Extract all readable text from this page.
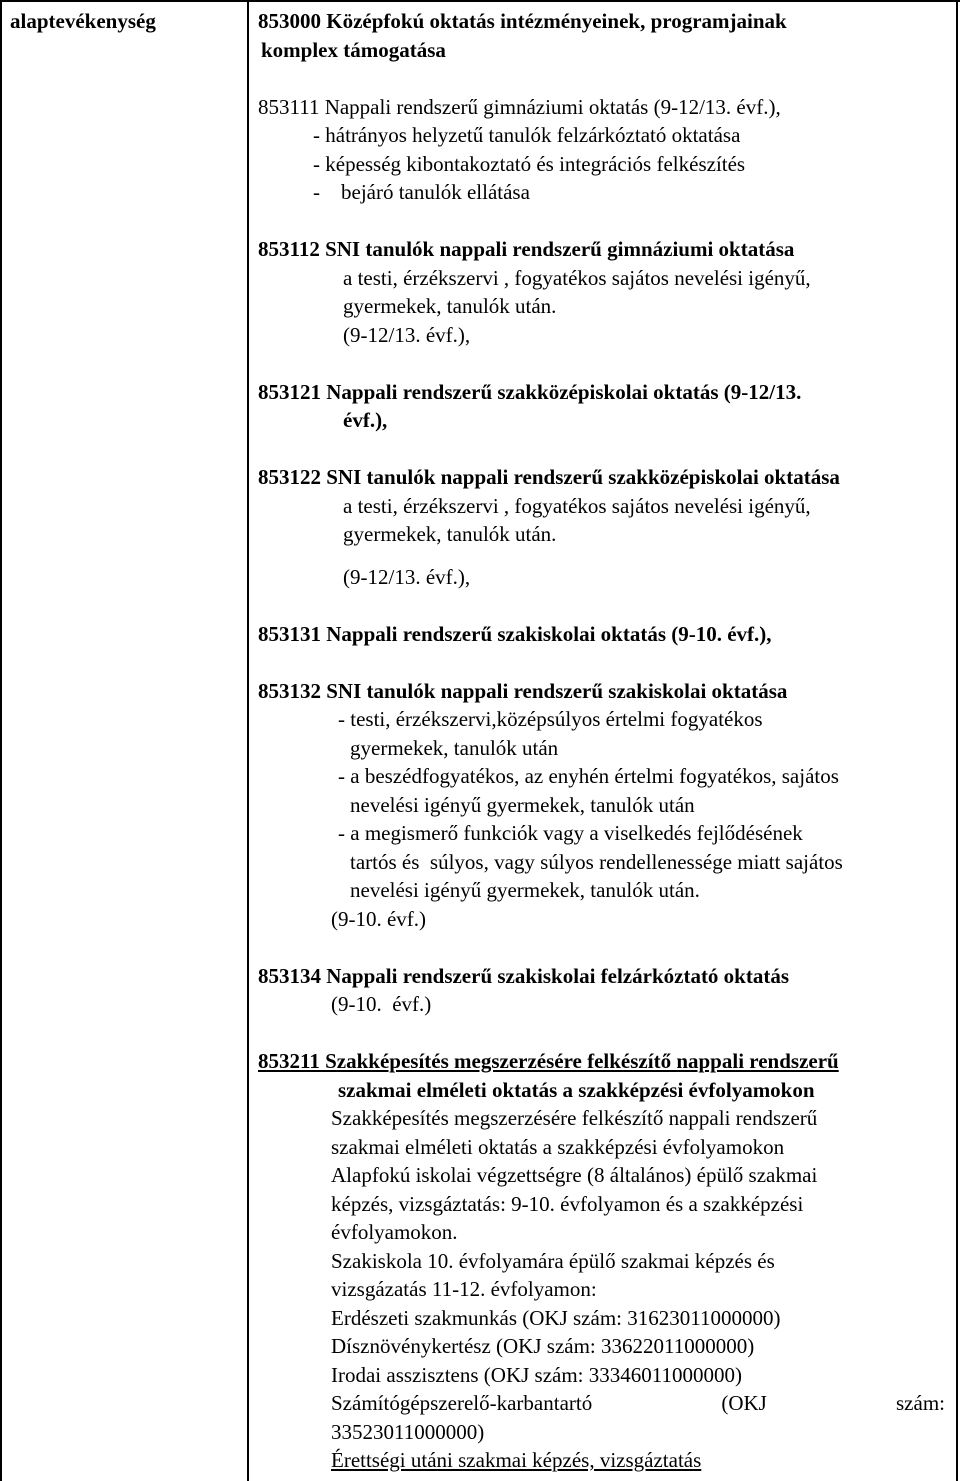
alaptevékenység	853000 Középfokú oktatás intézményeinek, programjainak
komplex támogatása
853111 Nappali rendszerű gimnáziumi oktatás (9-12/13. évf.),
- hátrányos helyzetű tanulók felzárkóztató oktatása
- képesség kibontakoztató és integrációs felkészítés
-    bejáró tanulók ellátása
853112 SNI tanulók nappali rendszerű gimnáziumi oktatása
a testi, érzékszervi , fogyatékos sajátos nevelési igényű,
gyermekek, tanulók után.
(9-12/13. évf.),
853121 Nappali rendszerű szakközépiskolai oktatás (9-12/13.
évf.),
853122 SNI tanulók nappali rendszerű szakközépiskolai oktatása
a testi, érzékszervi , fogyatékos sajátos nevelési igényű,
gyermekek, tanulók után.
(9-12/13. évf.),
853131 Nappali rendszerű szakiskolai oktatás (9-10. évf.),
853132 SNI tanulók nappali rendszerű szakiskolai oktatása
- testi, érzékszervi,középsúlyos értelmi fogyatékos
gyermekek, tanulók után
- a beszédfogyatékos, az enyhén értelmi fogyatékos, sajátos
nevelési igényű gyermekek, tanulók után
- a megismerő funkciók vagy a viselkedés fejlődésének
tartós és  súlyos, vagy súlyos rendellenessége miatt sajátos
nevelési igényű gyermekek, tanulók után.
(9-10. évf.)
853134 Nappali rendszerű szakiskolai felzárkóztató oktatás
(9-10.  évf.)
853211 Szakképesítés megszerzésére felkészítő nappali rendszerű
szakmai elméleti oktatás a szakképzési évfolyamokon
Szakképesítés megszerzésére felkészítő nappali rendszerű
szakmai elméleti oktatás a szakképzési évfolyamokon
Alapfokú iskolai végzettségre (8 általános) épülő szakmai
képzés, vizsgáztatás: 9-10. évfolyamon és a szakképzési
évfolyamokon.
Szakiskola 10. évfolyamára épülő szakmai képzés és
vizsgázatás 11-12. évfolyamon:
Erdészeti szakmunkás (OKJ szám: 31623011000000)
Dísznövénykertész (OKJ szám: 33622011000000)
Irodai asszisztens (OKJ szám: 33346011000000)
Számítógépszerelő-karbantartó	(OKJ	szám:
33523011000000)
Érettségi utáni szakmai képzés, vizsgáztatás
